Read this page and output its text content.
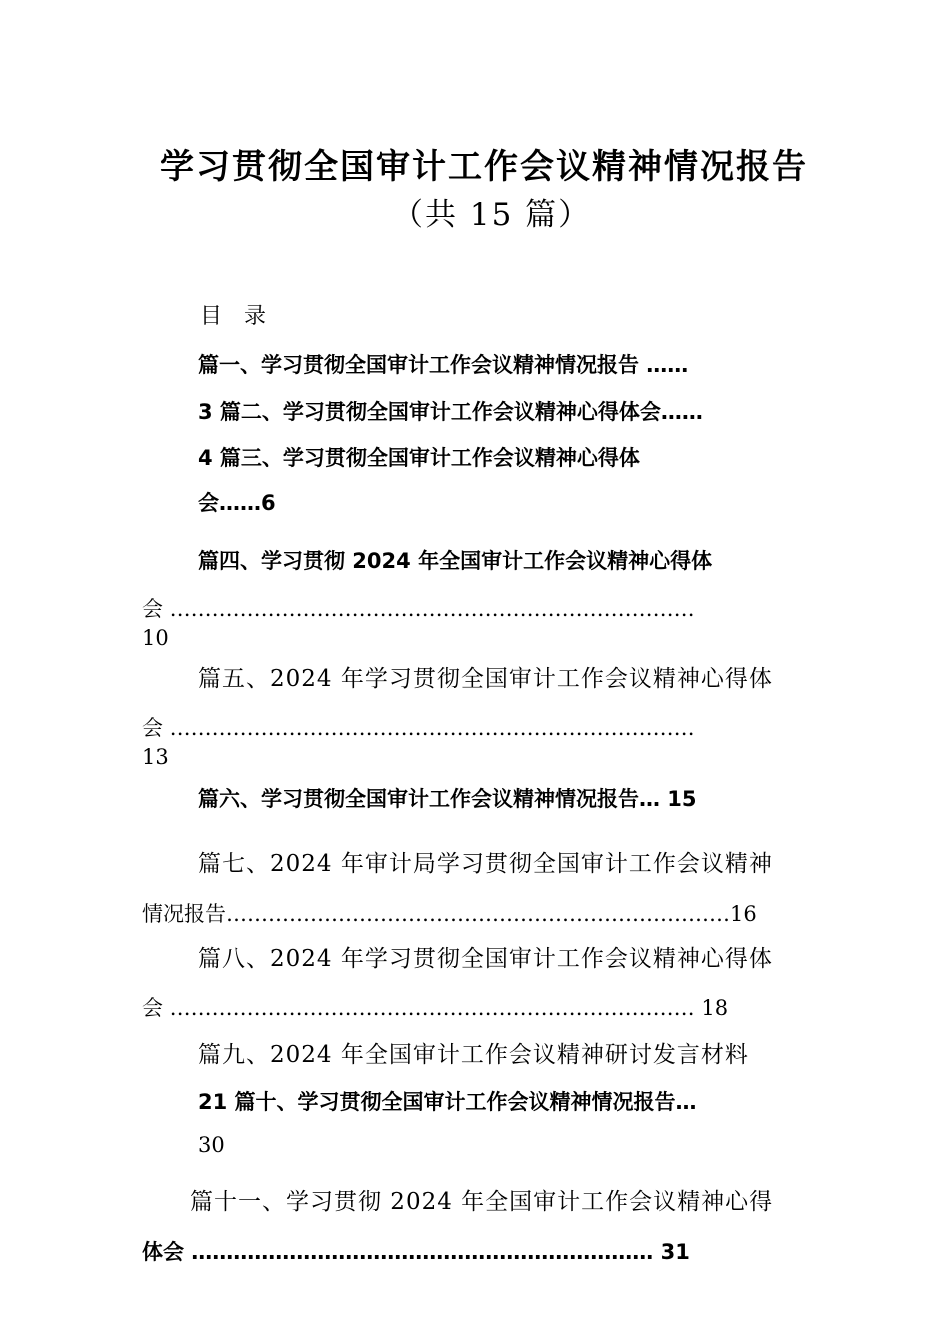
学习贯彻全国审计工作会议精神情况报告
（共 15 篇）
目　录
篇一、学习贯彻全国审计工作会议精神情况报告 ……
3 篇二、学习贯彻全国审计工作会议精神心得体会……
4 篇三、学习贯彻全国审计工作会议精神心得体
会……6
篇四、学习贯彻 2024 年全国审计工作会议精神心得体
会 …………………………………………………………………
10
篇五、2024 年学习贯彻全国审计工作会议精神心得体
会 …………………………………………………………………
13
篇六、学习贯彻全国审计工作会议精神情况报告… 15
篇七、2024 年审计局学习贯彻全国审计工作会议精神
情况报告………………………………………………………………16
篇八、2024 年学习贯彻全国审计工作会议精神心得体
会 ………………………………………………………………… 18
篇九、2024 年全国审计工作会议精神研讨发言材料
21 篇十、学习贯彻全国审计工作会议精神情况报告…
30
篇十一、学习贯彻 2024 年全国审计工作会议精神心得
体会 ………………………………………………………… 31
